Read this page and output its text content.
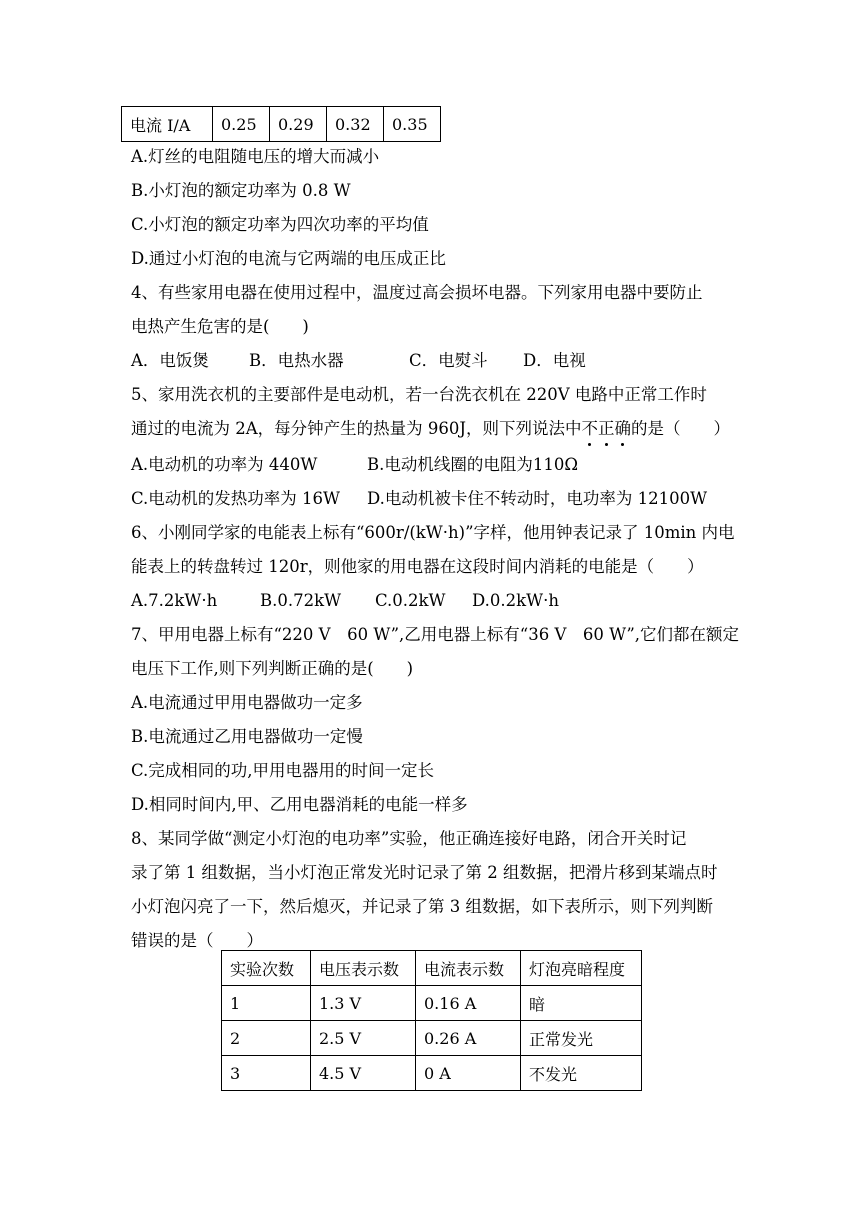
电流 I/A	0.25	0.29	0.32	0.35
A.灯丝的电阻随电压的增大而减小
B.小灯泡的额定功率为 0.8 W
C.小灯泡的额定功率为四次功率的平均值
D.通过小灯泡的电流与它两端的电压成正比
4、有些家用电器在使用过程中，温度过高会损坏电器。下列家用电器中要防止
电热产生危害的是(　　)
A．电饭煲 B．电热水器	C．电熨斗 D．电视
5、家用洗衣机的主要部件是电动机，若一台洗衣机在 220V 电路中正常工作时
通过的电流为 2A，每分钟产生的热量为 960J，则下列说法中不正确的是（　　）
A.电动机的功率为 440W	B.电动机线圈的电阻为110Ω
C.电动机的发热功率为 16W D.电动机被卡住不转动时，电功率为 12100W
6、小刚同学家的电能表上标有“600r/(kW·h)”字样，他用钟表记录了 10min 内电
能表上的转盘转过 120r，则他家的用电器在这段时间内消耗的电能是（　　）
A.7.2kW·h	B.0.72kW C.0.2kW D.0.2kW·h
7、甲用电器上标有“220 V　60 W”,乙用电器上标有“36 V　60 W”,它们都在额定
电压下工作,则下列判断正确的是(　　)
A.电流通过甲用电器做功一定多
B.电流通过乙用电器做功一定慢
C.完成相同的功,甲用电器用的时间一定长
D.相同时间内,甲、乙用电器消耗的电能一样多
8、某同学做“测定小灯泡的电功率”实验，他正确连接好电路，闭合开关时记
录了第 1 组数据，当小灯泡正常发光时记录了第 2 组数据，把滑片移到某端点时
小灯泡闪亮了一下，然后熄灭，并记录了第 3 组数据，如下表所示，则下列判断
错误的是（　　）
实验次数	电压表示数	电流表示数	灯泡亮暗程度
1	1.3 V	0.16 A	暗
2	2.5 V	0.26 A	正常发光
3	4.5 V	0 A	不发光
